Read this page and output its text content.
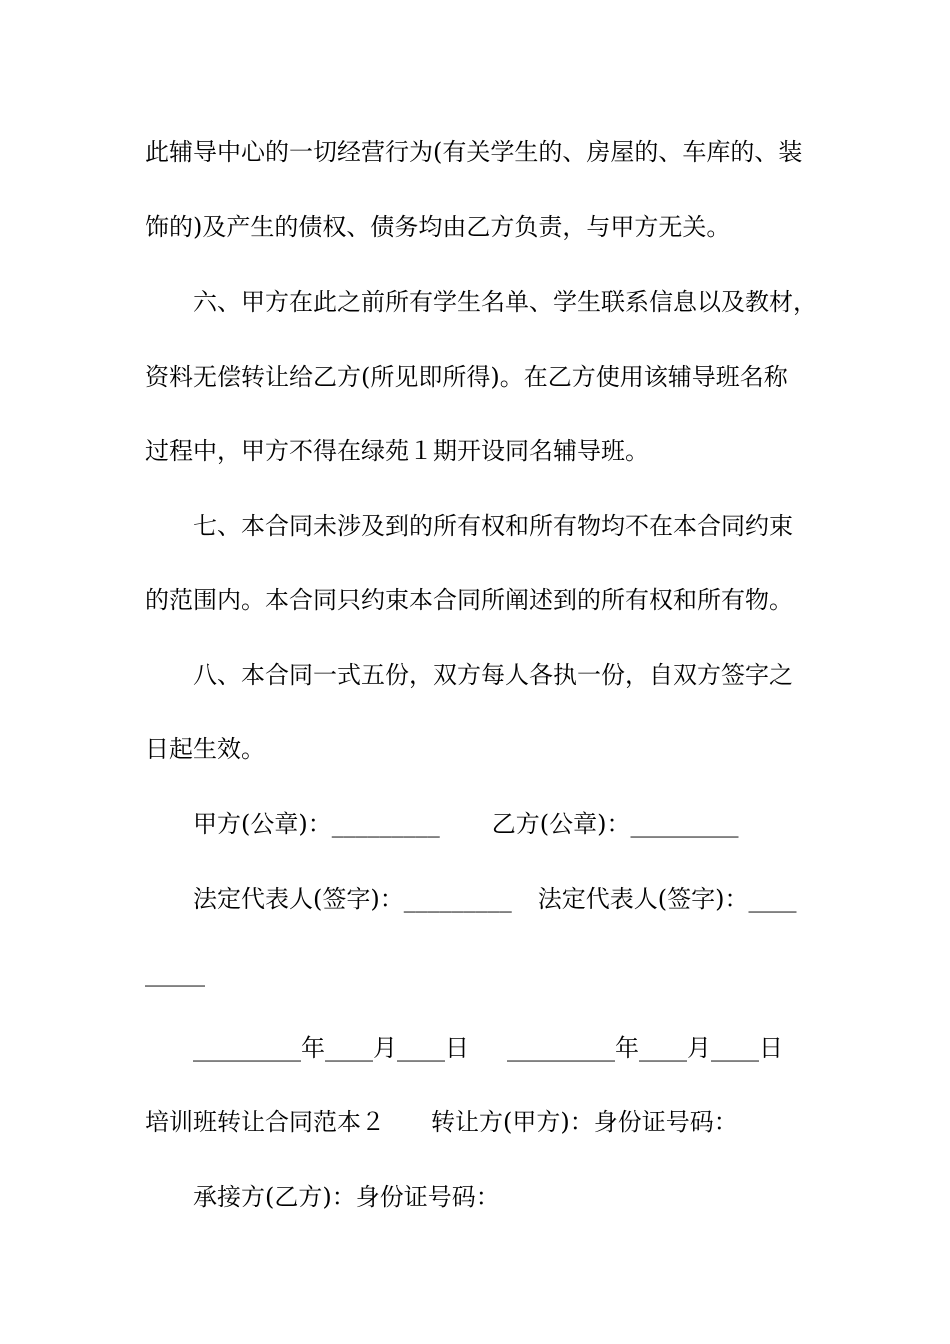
此辅导中心的一切经营行为(有关学生的、房屋的、车库的、装
饰的)及产生的债权、债务均由乙方负责，与甲方无关。
六、甲方在此之前所有学生名单、学生联系信息以及教材，
资料无偿转让给乙方(所见即所得)。在乙方使用该辅导班名称
过程中，甲方不得在绿苑１期开设同名辅导班。
七、本合同未涉及到的所有权和所有物均不在本合同约束
的范围内。本合同只约束本合同所阐述到的所有权和所有物。
八、本合同一式五份，双方每人各执一份，自双方签字之
日起生效。
甲方(公章)：_________ 乙方(公章)：_________
法定代表人(签字)：_________ 法定代表人(签字)：____
_____
_________年____月____日 _________年____月____日
培训班转让合同范本２ 转让方(甲方)：身份证号码：
承接方(乙方)：身份证号码：
